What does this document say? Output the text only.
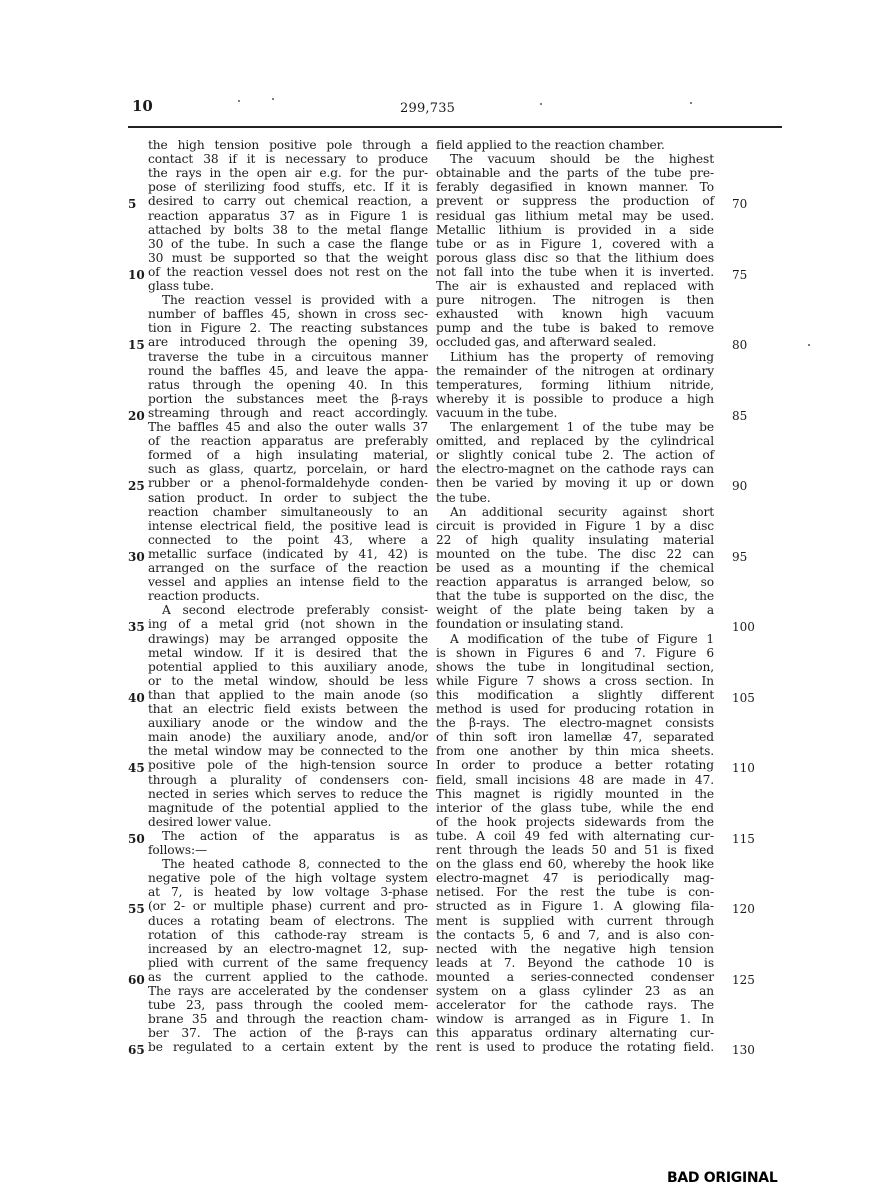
10	299,735
the high tension positive pole through a
contact 38 if it is necessary to produce
the rays in the open air e.g. for the pur-
pose of sterilizing food stuffs, etc. If it is
desired to carry out chemical reaction, a
reaction apparatus 37 as in Figure 1 is
attached by bolts 38 to the metal flange
30 of the tube. In such a case the flange
30 must be supported so that the weight
of the reaction vessel does not rest on the
glass tube.
The reaction vessel is provided with a
number of baffles 45, shown in cross sec-
tion in Figure 2. The reacting substances
are introduced through the opening 39,
traverse the tube in a circuitous manner
round the baffles 45, and leave the appa-
ratus through the opening 40. In this
portion the substances meet the β-rays
streaming through and react accordingly.
The baffles 45 and also the outer walls 37
of the reaction apparatus are preferably
formed of a high insulating material,
such as glass, quartz, porcelain, or hard
rubber or a phenol-formaldehyde conden-
sation product. In order to subject the
reaction chamber simultaneously to an
intense electrical field, the positive lead is
connected to the point 43, where a
metallic surface (indicated by 41, 42) is
arranged on the surface of the reaction
vessel and applies an intense field to the
reaction products.
A second electrode preferably consist-
ing of a metal grid (not shown in the
drawings) may be arranged opposite the
metal window. If it is desired that the
potential applied to this auxiliary anode,
or to the metal window, should be less
than that applied to the main anode (so
that an electric field exists between the
auxiliary anode or the window and the
main anode) the auxiliary anode, and/or
the metal window may be connected to the
positive pole of the high-tension source
through a plurality of condensers con-
nected in series which serves to reduce the
magnitude of the potential applied to the
desired lower value.
The action of the apparatus is as
follows:—
The heated cathode 8, connected to the
negative pole of the high voltage system
at 7, is heated by low voltage 3-phase
(or 2- or multiple phase) current and pro-
duces a rotating beam of electrons. The
rotation of this cathode-ray stream is
increased by an electro-magnet 12, sup-
plied with current of the same frequency
as the current applied to the cathode.
The rays are accelerated by the condenser
tube 23, pass through the cooled mem-
brane 35 and through the reaction cham-
ber 37. The action of the β-rays can
be regulated to a certain extent by the
field applied to the reaction chamber.
The vacuum should be the highest
obtainable and the parts of the tube pre-
ferably degasified in known manner. To
prevent or suppress the production of
residual gas lithium metal may be used.
Metallic lithium is provided in a side
tube or as in Figure 1, covered with a
porous glass disc so that the lithium does
not fall into the tube when it is inverted.
The air is exhausted and replaced with
pure nitrogen. The nitrogen is then
exhausted with known high vacuum
pump and the tube is baked to remove
occluded gas, and afterward sealed.
Lithium has the property of removing
the remainder of the nitrogen at ordinary
temperatures, forming lithium nitride,
whereby it is possible to produce a high
vacuum in the tube.
The enlargement 1 of the tube may be
omitted, and replaced by the cylindrical
or slightly conical tube 2. The action of
the electro-magnet on the cathode rays can
then be varied by moving it up or down
the tube.
An additional security against short
circuit is provided in Figure 1 by a disc
22 of high quality insulating material
mounted on the tube. The disc 22 can
be used as a mounting if the chemical
reaction apparatus is arranged below, so
that the tube is supported on the disc, the
weight of the plate being taken by a
foundation or insulating stand.
A modification of the tube of Figure 1
is shown in Figures 6 and 7. Figure 6
shows the tube in longitudinal section,
while Figure 7 shows a cross section. In
this modification a slightly different
method is used for producing rotation in
the β-rays. The electro-magnet consists
of thin soft iron lamellæ 47, separated
from one another by thin mica sheets.
In order to produce a better rotating
field, small incisions 48 are made in 47.
This magnet is rigidly mounted in the
interior of the glass tube, while the end
of the hook projects sidewards from the
tube. A coil 49 fed with alternating cur-
rent through the leads 50 and 51 is fixed
on the glass end 60, whereby the hook like
electro-magnet 47 is periodically mag-
netised. For the rest the tube is con-
structed as in Figure 1. A glowing fila-
ment is supplied with current through
the contacts 5, 6 and 7, and is also con-
nected with the negative high tension
leads at 7. Beyond the cathode 10 is
mounted a series-connected condenser
system on a glass cylinder 23 as an
accelerator for the cathode rays. The
window is arranged as in Figure 1. In
this apparatus ordinary alternating cur-
rent is used to produce the rotating field.
5
10
15
20
25
30
35
40
45
50
55
60
65
70
75
80
85
90
95
100
105
110
115
120
125
130
BAD ORIGINAL
